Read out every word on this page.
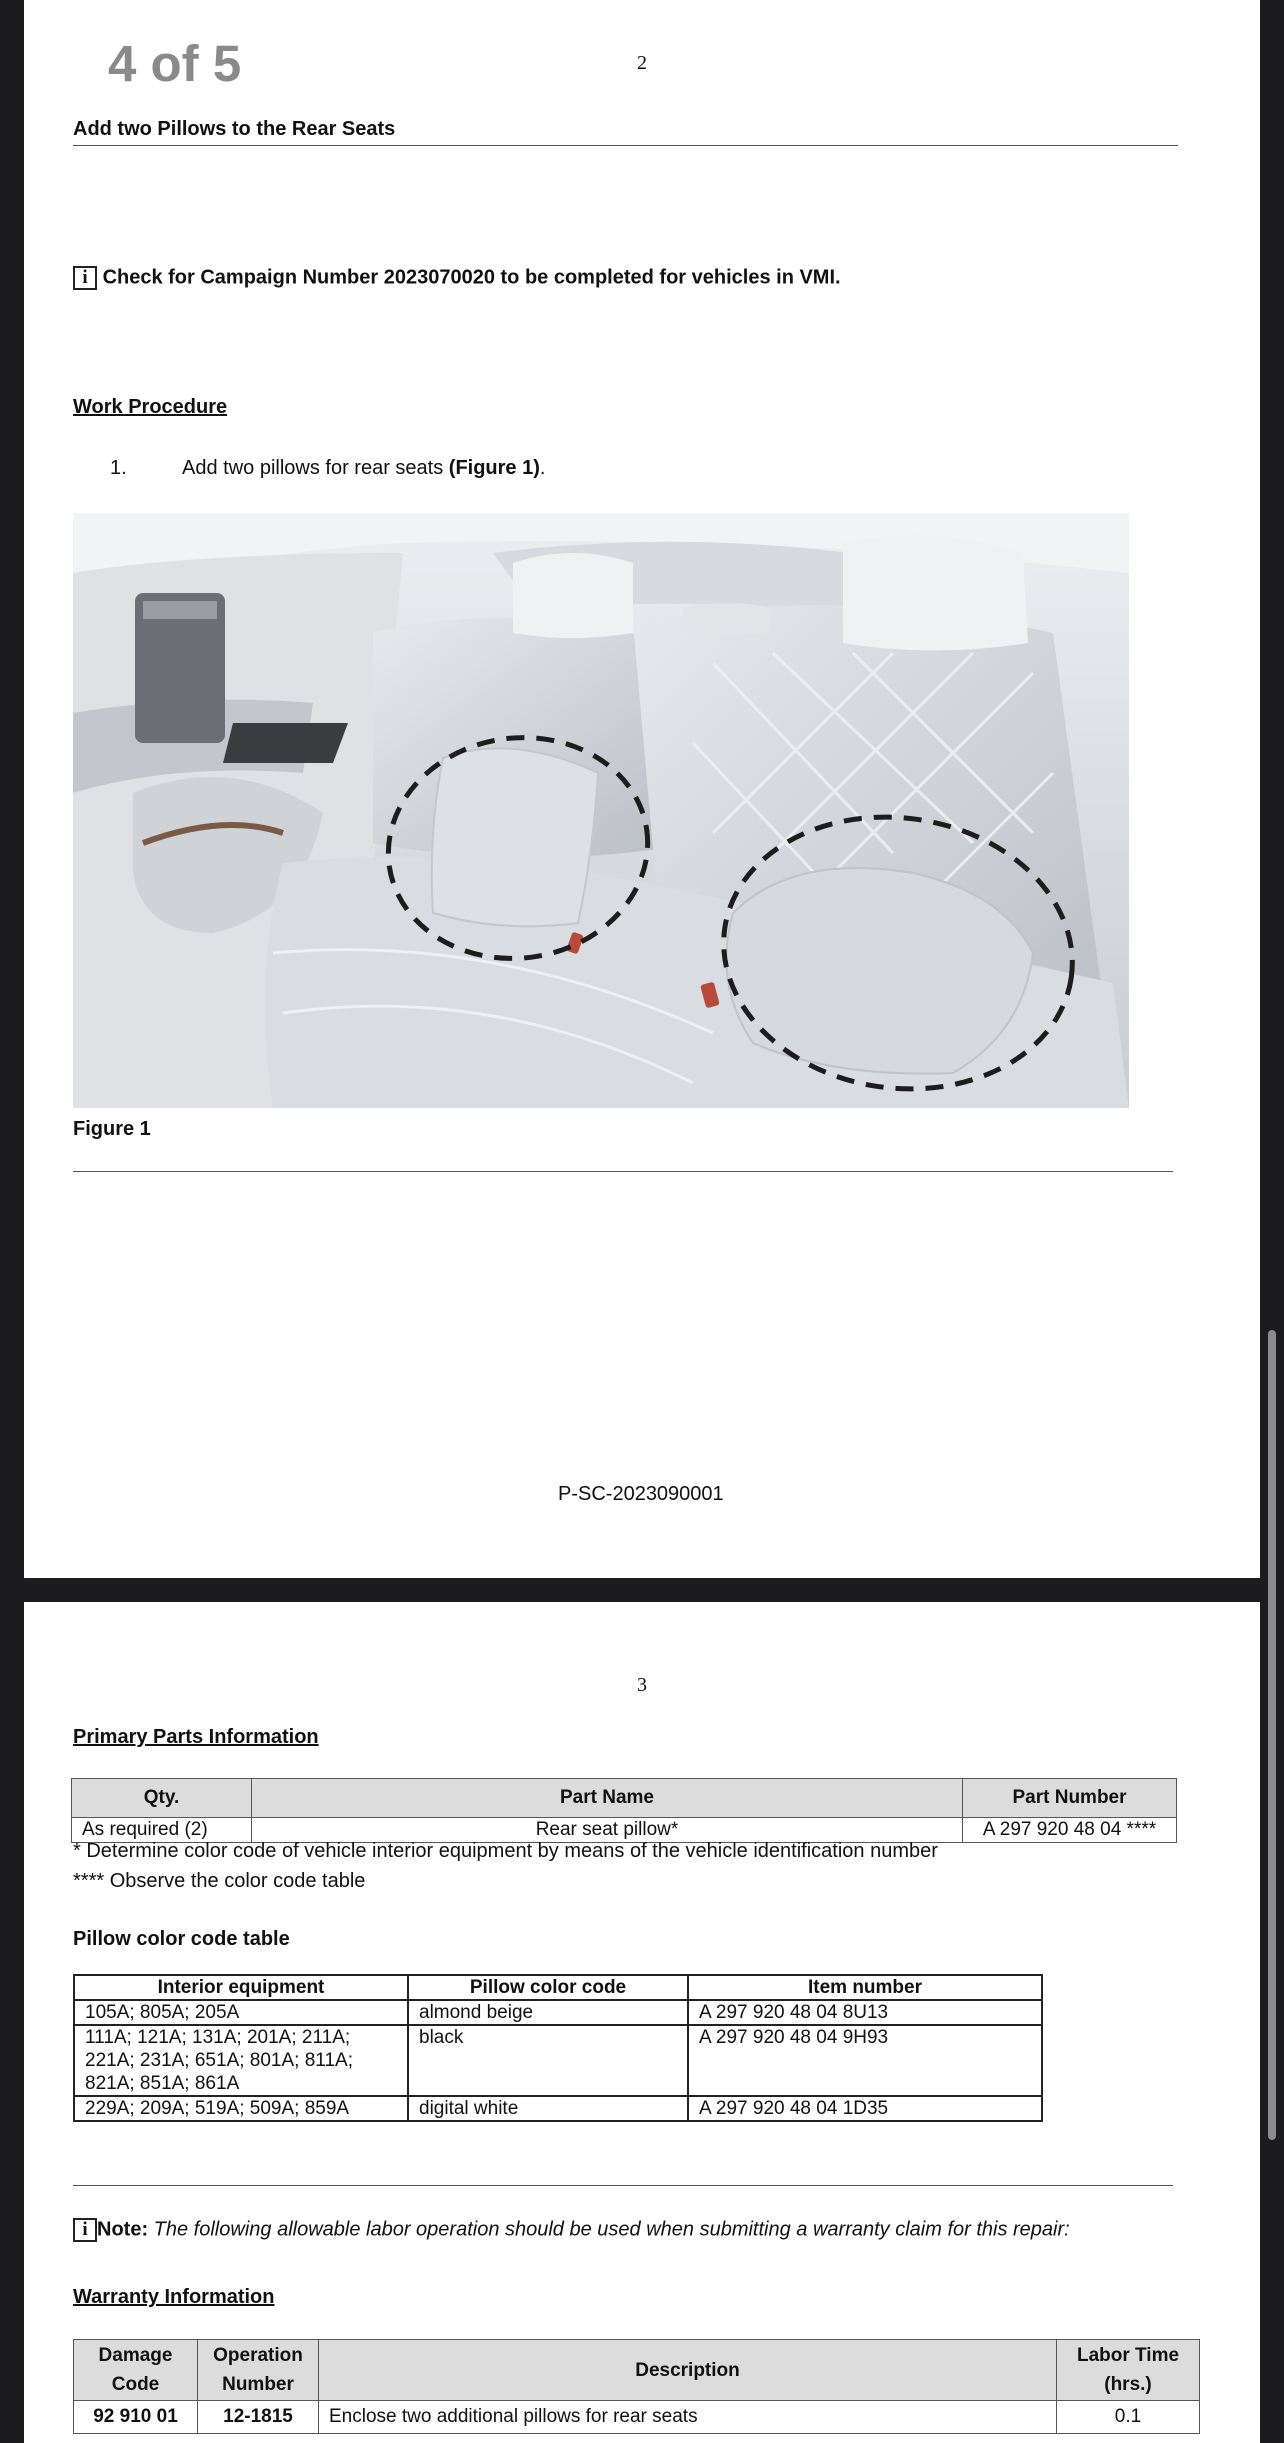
4 of 5	2
Add two Pillows to the Rear Seats
i Check for Campaign Number 2023070020 to be completed for vehicles in VMI.
Work Procedure
1.	Add two pillows for rear seats (Figure 1).
Figure 1
P-SC-2023090001
3
Primary Parts Information
Qty.	Part Name	Part Number
As required (2)	Rear seat pillow*	A 297 920 48 04 ****
* Determine color code of vehicle interior equipment by means of the vehicle identification number
**** Observe the color code table
Pillow color code table
Interior equipment	Pillow color code	Item number
105A; 805A; 205A	almond beige	A 297 920 48 04 8U13
111A; 121A; 131A; 201A; 211A; 221A; 231A; 651A; 801A; 811A; 821A; 851A; 861A	black	A 297 920 48 04 9H93
229A; 209A; 519A; 509A; 859A	digital white	A 297 920 48 04 1D35
i Note: The following allowable labor operation should be used when submitting a warranty claim for this repair:
Warranty Information
Damage Code	Operation Number	Description	Labor Time (hrs.)
92 910 01	12-1815	Enclose two additional pillows for rear seats	0.1
